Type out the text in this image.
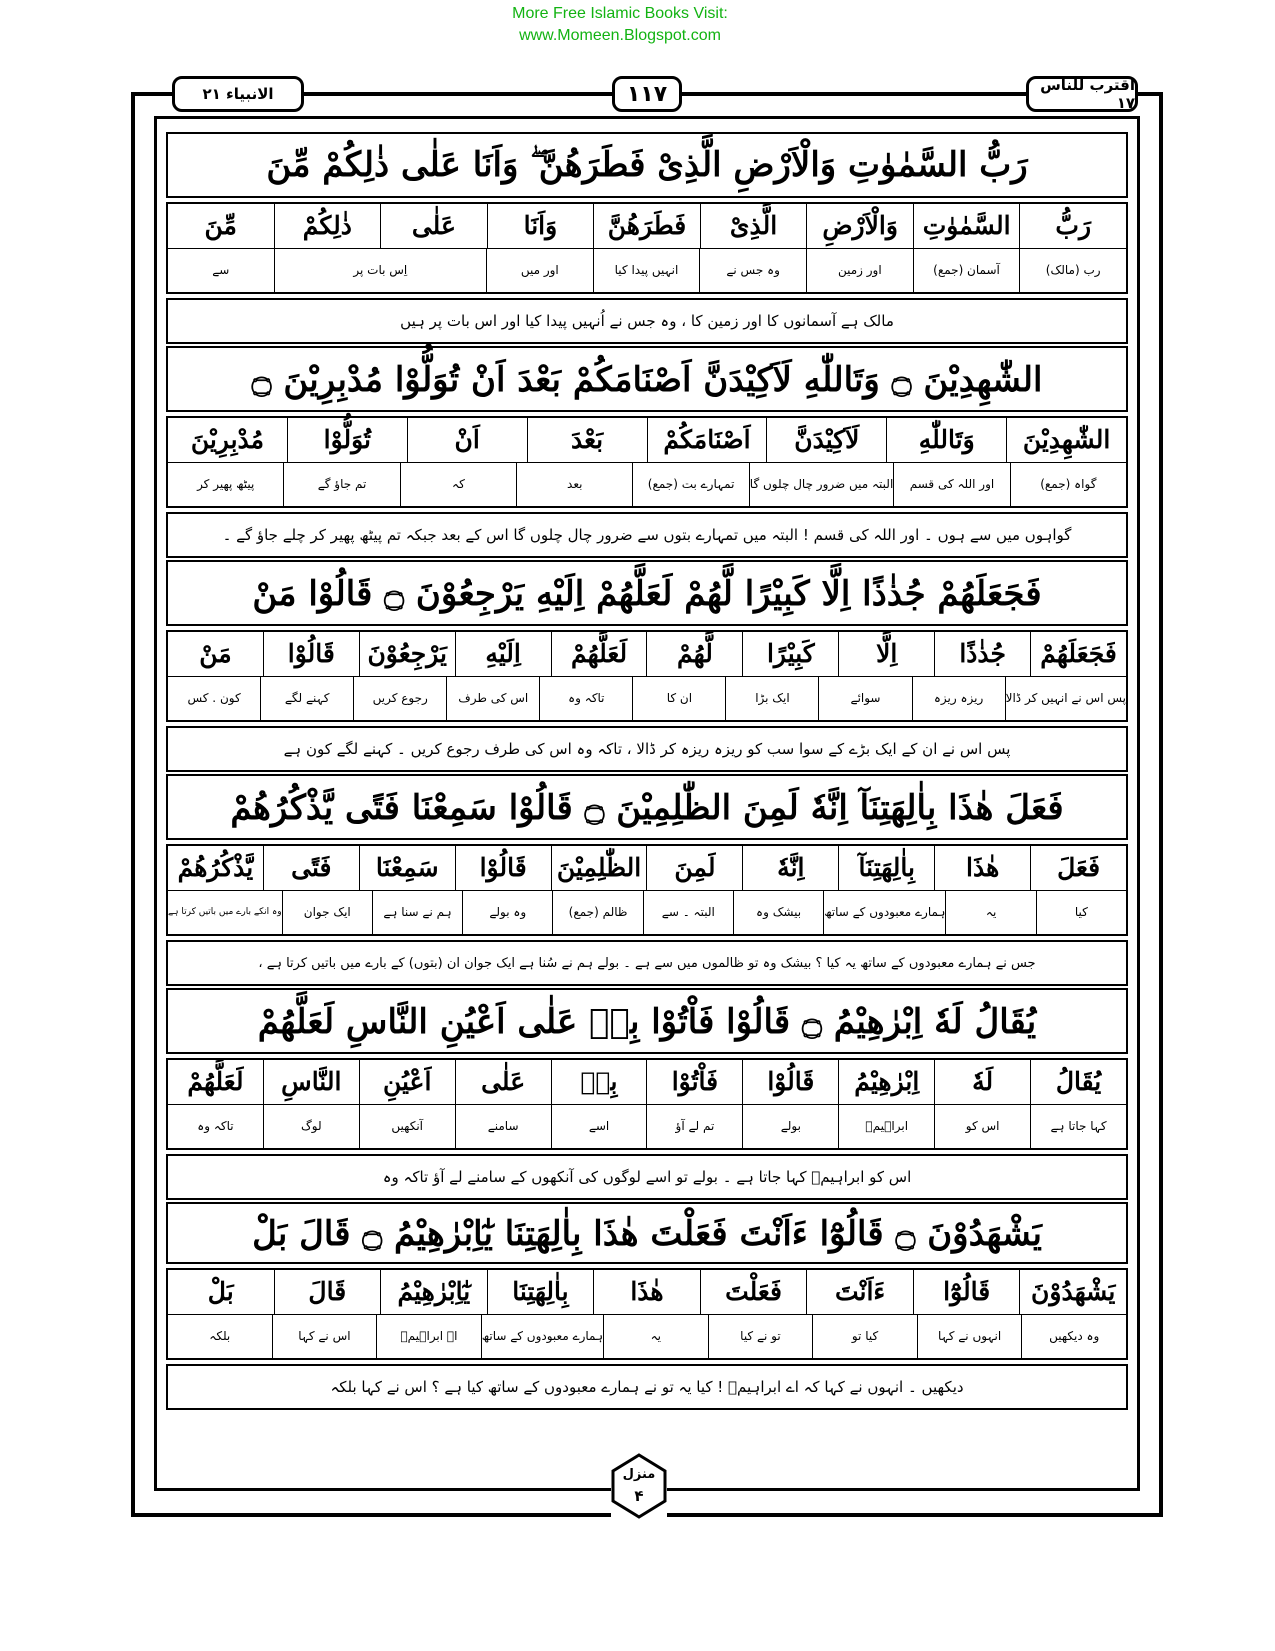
More Free Islamic Books Visit:
www.Momeen.Blogspot.com
الانبیاء ۲۱	۱۱۷	اقترب للناس ۱۷
رَبُّ السَّمٰوٰتِ وَالْاَرْضِ الَّذِیْ فَطَرَهُنَّ ۖ وَاَنَا عَلٰی ذٰلِكُمْ مِّنَ
رَبُّ
السَّمٰوٰتِ
وَالْاَرْضِ
الَّذِیْ
فَطَرَهُنَّ
وَاَنَا
عَلٰی
ذٰلِكُمْ
مِّنَ
رب (مالک)
آسمان (جمع)
اور زمین
وہ جس نے
انہیں پیدا کیا
اور میں
اِس بات پر
سے
مالک ہے آسمانوں کا اور زمین کا ، وہ جس نے اُنہیں پیدا کیا اور اس بات پر ہیں
الشّٰهِدِیْنَ ۝ وَتَاللّٰهِ لَاَكِیْدَنَّ اَصْنَامَكُمْ بَعْدَ اَنْ تُوَلُّوْا مُدْبِرِیْنَ ۝
الشّٰهِدِیْنَ
وَتَاللّٰهِ
لَاَكِیْدَنَّ
اَصْنَامَكُمْ
بَعْدَ
اَنْ
تُوَلُّوْا
مُدْبِرِیْنَ
گواہ (جمع)
اور اللہ کی قسم
البتہ میں ضرور چال چلوں گا
تمہارے بت (جمع)
بعد
کہ
تم جاؤ گے
پیٹھ پھیر کر
گواہوں میں سے ہوں ۔ اور اللہ کی قسم ! البتہ میں تمہارے بتوں سے ضرور چال چلوں گا اس کے بعد جبکہ تم پیٹھ پھیر کر چلے جاؤ گے ۔
فَجَعَلَهُمْ جُذٰذًا اِلَّا كَبِیْرًا لَّهُمْ لَعَلَّهُمْ اِلَیْهِ یَرْجِعُوْنَ ۝ قَالُوْا مَنْ
فَجَعَلَهُمْ
جُذٰذًا
اِلَّا
كَبِیْرًا
لَّهُمْ
لَعَلَّهُمْ
اِلَیْهِ
یَرْجِعُوْنَ
قَالُوْا
مَنْ
پس اس نے انہیں کر ڈالا
ریزہ ریزہ
سوائے
ایک بڑا
ان کا
تاکہ وہ
اس کی طرف
رجوع کریں
کہنے لگے
کون . کس
پس اس نے ان کے ایک بڑے کے سوا سب کو ریزہ ریزہ کر ڈالا ، تاکہ وہ اس کی طرف رجوع کریں ۔ کہنے لگے کون ہے
فَعَلَ هٰذَا بِاٰلِهَتِنَآ اِنَّهٗ لَمِنَ الظّٰلِمِیْنَ ۝ قَالُوْا سَمِعْنَا فَتًی یَّذْكُرُهُمْ
فَعَلَ
هٰذَا
بِاٰلِهَتِنَآ
اِنَّهٗ
لَمِنَ
الظّٰلِمِیْنَ
قَالُوْا
سَمِعْنَا
فَتًی
یَّذْكُرُهُمْ
کیا
یہ
ہمارے معبودوں کے ساتھ
بیشک وہ
البتہ ۔ سے
ظالم (جمع)
وہ بولے
ہم نے سنا ہے
ایک جوان
وہ انکے بارے میں باتیں کرتا ہے
جس نے ہمارے معبودوں کے ساتھ یہ کیا ؟ بیشک وہ تو ظالموں میں سے ہے ۔ بولے ہم نے سُنا ہے ایک جوان ان (بتوں) کے بارے میں باتیں کرتا ہے ،
یُقَالُ لَهٗ اِبْرٰهِیْمُ ۝ قَالُوْا فَاْتُوْا بِهٖ عَلٰی اَعْیُنِ النَّاسِ لَعَلَّهُمْ
یُقَالُ
لَهٗ
اِبْرٰهِیْمُ
قَالُوْا
فَاْتُوْا
بِهٖ
عَلٰی
اَعْیُنِ
النَّاسِ
لَعَلَّهُمْ
کہا جاتا ہے
اس کو
ابراہیمؑ
بولے
تم لے آؤ
اسے
سامنے
آنکھیں
لوگ
تاکہ وہ
اس کو ابراہیمؑ کہا جاتا ہے ۔ بولے تو اسے لوگوں کی آنکھوں کے سامنے لے آؤ تاکہ وہ
یَشْهَدُوْنَ ۝ قَالُوْٓا ءَاَنْتَ فَعَلْتَ هٰذَا بِاٰلِهَتِنَا یٰٓاِبْرٰهِیْمُ ۝ قَالَ بَلْ
یَشْهَدُوْنَ
قَالُوْٓا
ءَاَنْتَ
فَعَلْتَ
هٰذَا
بِاٰلِهَتِنَا
یٰٓاِبْرٰهِیْمُ
قَالَ
بَلْ
وہ دیکھیں
انہوں نے کہا
کیا تو
تو نے کیا
یہ
ہمارے معبودوں کے ساتھ
اے ابراہیمؑ
اس نے کہا
بلکہ
دیکھیں ۔ انہوں نے کہا کہ اے ابراہیمؑ ! کیا یہ تو نے ہمارے معبودوں کے ساتھ کیا ہے ؟ اس نے کہا بلکہ
منزل
۴
